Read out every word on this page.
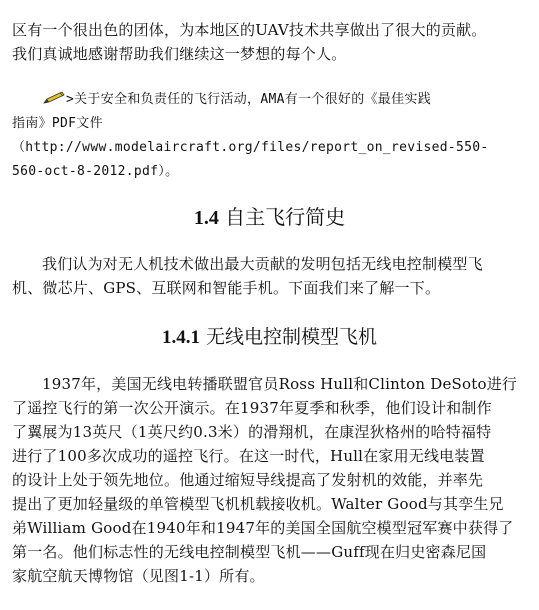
区有一个很出色的团体，为本地区的UAV技术共享做出了很大的贡献。

我们真诚地感谢帮助我们继续这一梦想的每个人。

>关于安全和负责任的飞行活动，AMA有一个很好的《最佳实践

指南》PDF文件

（http://www.modelaircraft.org/files/report_on_revised-550-

560-oct-8-2012.pdf）。

1.4 自主飞行简史

我们认为对无人机技术做出最大贡献的发明包括无线电控制模型飞

机、微芯片、GPS、互联网和智能手机。下面我们来了解一下。

1.4.1 无线电控制模型飞机

1937年，美国无线电转播联盟官员Ross Hull和Clinton DeSoto进行

了遥控飞行的第一次公开演示。在1937年夏季和秋季，他们设计和制作

了翼展为13英尺（1英尺约0.3米）的滑翔机，在康涅狄格州的哈特福特

进行了100多次成功的遥控飞行。在这一时代，Hull在家用无线电装置

的设计上处于领先地位。他通过缩短导线提高了发射机的效能，并率先

提出了更加轻量级的单管模型飞机机载接收机。Walter Good与其孪生兄

弟William Good在1940年和1947年的美国全国航空模型冠军赛中获得了

第一名。他们标志性的无线电控制模型飞机——Guff现在归史密森尼国

家航空航天博物馆（见图1-1）所有。
